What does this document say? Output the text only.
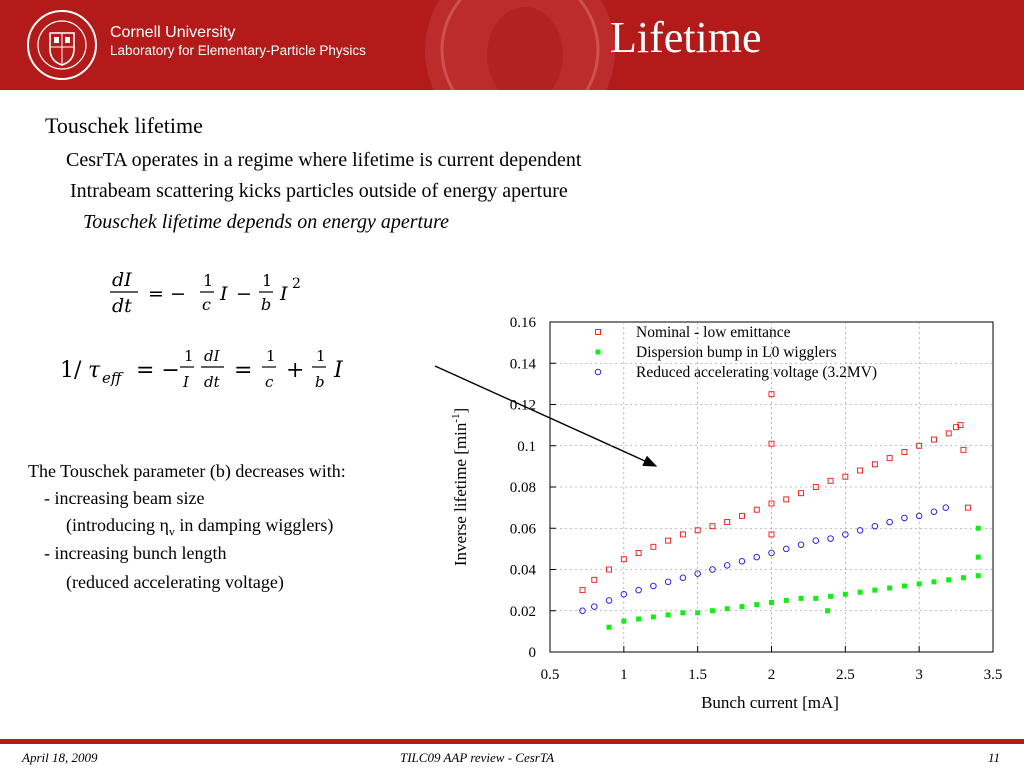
Cornell University
Laboratory for Elementary-Particle Physics	Lifetime
Touschek lifetime
CesrTA operates in a regime where lifetime is current dependent
Intrabeam scattering kicks particles outside of energy aperture
Touschek lifetime depends on energy aperture
dI
dt
= −
1
c I −
1
b I 2
1/ τ eff = −
1
I
dI
dt =
1
c +
1
b I
The Touschek parameter (b) decreases with:
- increasing beam size
(introducing $\eta_v$ in damping wigglers)
- increasing bunch length
(reduced accelerating voltage)
0
0.02
0.04
0.06
0.08
0.1
0.12
0.14
0.16
0.5	1	1.5	2	2.5	3	3.5
Bunch current [mA]
Inverse lifetime $[\min^{-1}]$
Nominal - low emittance
Dispersion bump in L0 wigglers
Reduced accelerating voltage (3.2MV)
April 18, 2009	TILC09 AAP review - CesrTA	11
